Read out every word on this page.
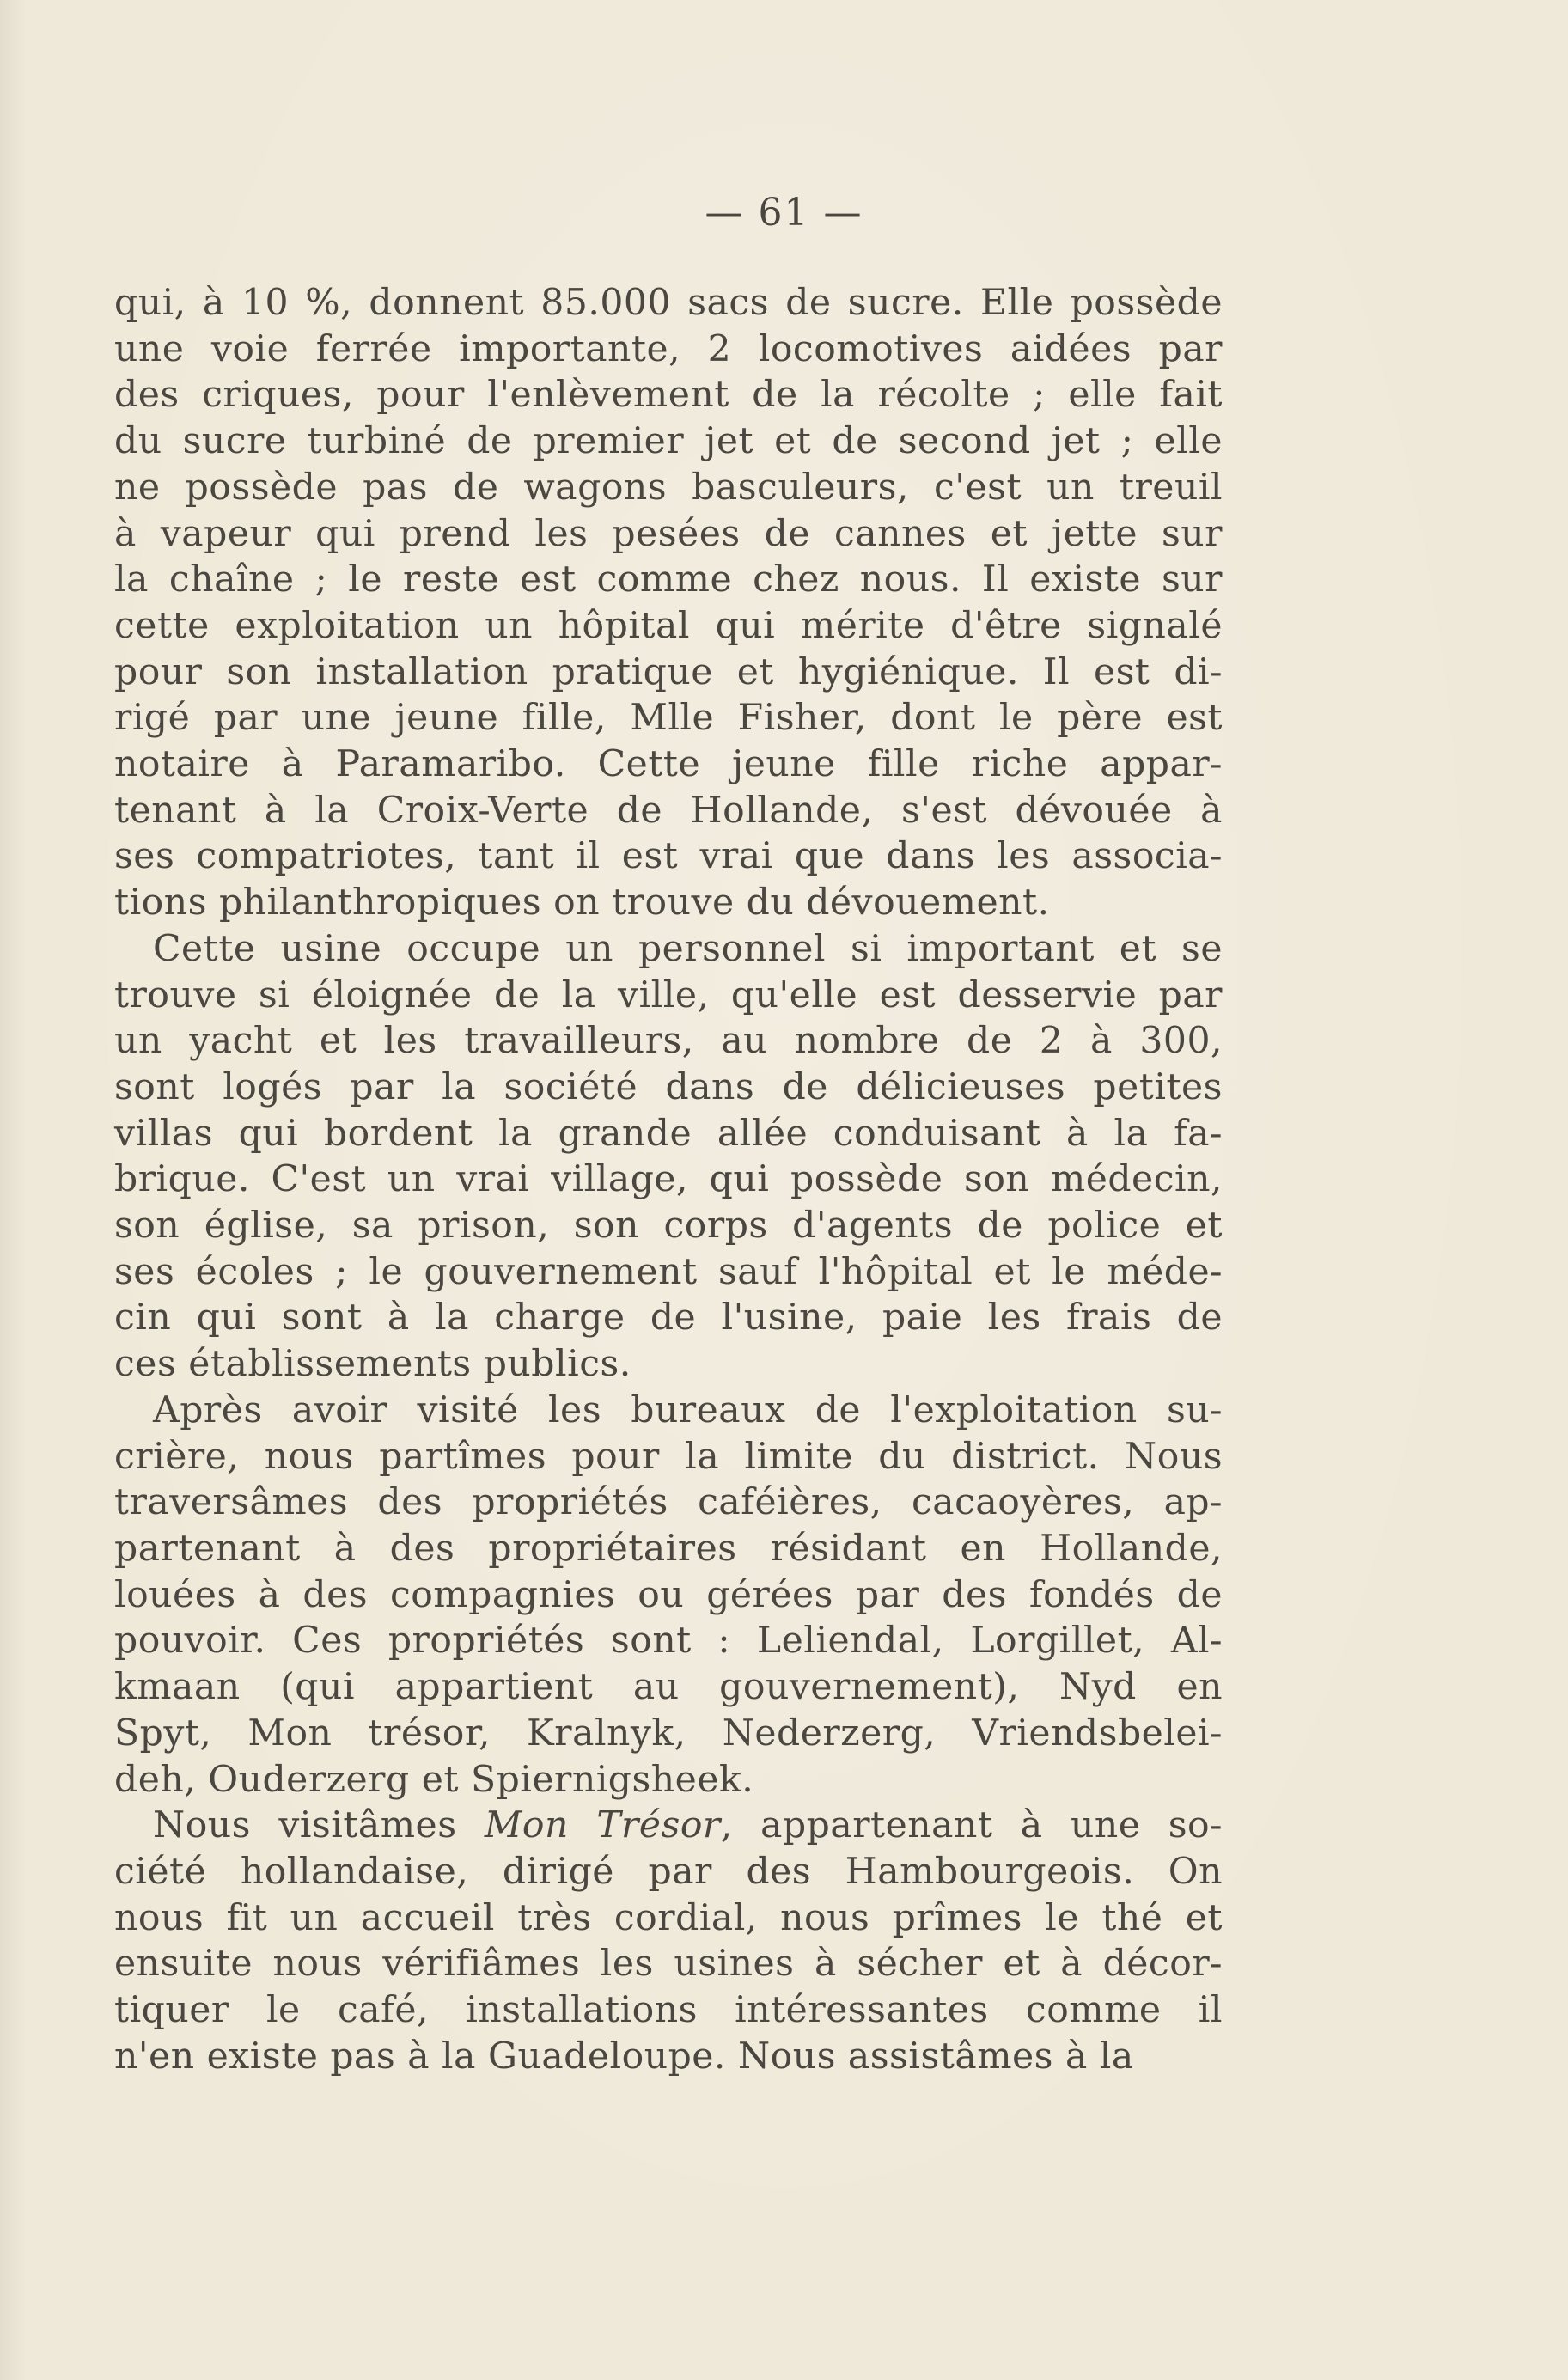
— 61 —

qui, à 10 %, donnent 85.000 sacs de sucre. Elle possède

une voie ferrée importante, 2 locomotives aidées par

des criques, pour l'enlèvement de la récolte ; elle fait

du sucre turbiné de premier jet et de second jet ; elle

ne possède pas de wagons basculeurs, c'est un treuil

à vapeur qui prend les pesées de cannes et jette sur

la chaîne ; le reste est comme chez nous. Il existe sur

cette exploitation un hôpital qui mérite d'être signalé

pour son installation pratique et hygiénique. Il est di-

rigé par une jeune fille, Mlle Fisher, dont le père est

notaire à Paramaribo. Cette jeune fille riche appar-

tenant à la Croix-Verte de Hollande, s'est dévouée à

ses compatriotes, tant il est vrai que dans les associa-

tions philanthropiques on trouve du dévouement.

Cette usine occupe un personnel si important et se

trouve si éloignée de la ville, qu'elle est desservie par

un yacht et les travailleurs, au nombre de 2 à 300,

sont logés par la société dans de délicieuses petites

villas qui bordent la grande allée conduisant à la fa-

brique. C'est un vrai village, qui possède son médecin,

son église, sa prison, son corps d'agents de police et

ses écoles ; le gouvernement sauf l'hôpital et le méde-

cin qui sont à la charge de l'usine, paie les frais de

ces établissements publics.

Après avoir visité les bureaux de l'exploitation su-

crière, nous partîmes pour la limite du district. Nous

traversâmes des propriétés caféières, cacaoyères, ap-

partenant à des propriétaires résidant en Hollande,

louées à des compagnies ou gérées par des fondés de

pouvoir. Ces propriétés sont : Leliendal, Lorgillet, Al-

kmaan (qui appartient au gouvernement), Nyd en

Spyt, Mon trésor, Kralnyk, Nederzerg, Vriendsbelei-

deh, Ouderzerg et Spiernigsheek.

Nous visitâmes Mon Trésor, appartenant à une so-

ciété hollandaise, dirigé par des Hambourgeois. On

nous fit un accueil très cordial, nous prîmes le thé et

ensuite nous vérifiâmes les usines à sécher et à décor-

tiquer le café, installations intéressantes comme il

n'en existe pas à la Guadeloupe. Nous assistâmes à la
